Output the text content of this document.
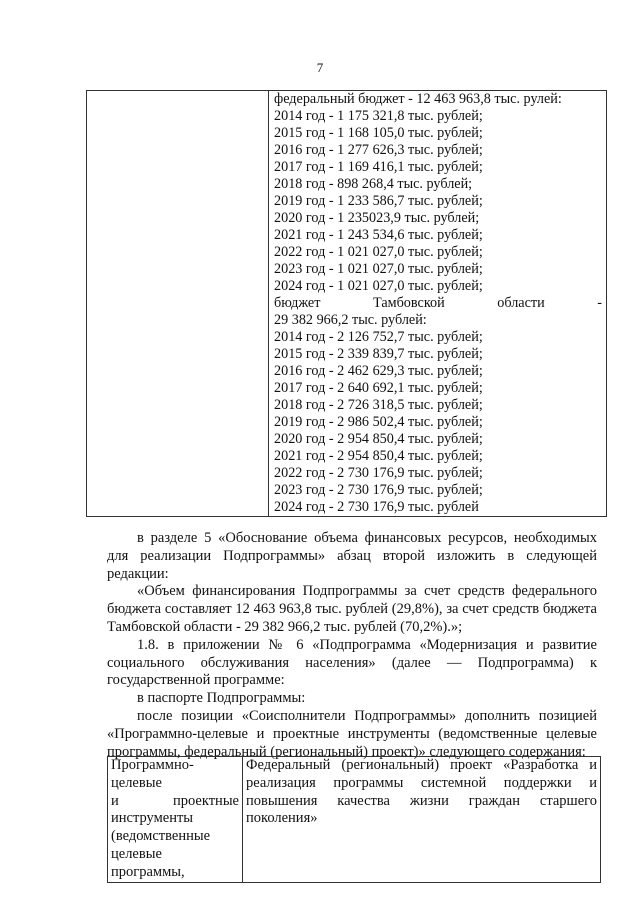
7

федеральный бюджет - 12 463 963,8 тыс. рулей:
2014 год - 1 175 321,8 тыс. рублей;
2015 год - 1 168 105,0 тыс. рублей;
2016 год - 1 277 626,3 тыс. рублей;
2017 год - 1 169 416,1 тыс. рублей;
2018 год - 898 268,4 тыс. рублей;
2019 год - 1 233 586,7 тыс. рублей;
2020 год - 1 235023,9 тыс. рублей;
2021 год - 1 243 534,6 тыс. рублей;
2022 год - 1 021 027,0 тыс. рублей;
2023 год - 1 021 027,0 тыс. рублей;
2024 год - 1 021 027,0 тыс. рублей;
бюджет	Тамбовской	области	-
29 382 966,2 тыс. рублей:
2014 год - 2 126 752,7 тыс. рублей;
2015 год - 2 339 839,7 тыс. рублей;
2016 год - 2 462 629,3 тыс. рублей;
2017 год - 2 640 692,1 тыс. рублей;
2018 год - 2 726 318,5 тыс. рублей;
2019 год - 2 986 502,4 тыс. рублей;
2020 год - 2 954 850,4 тыс. рублей;
2021 год - 2 954 850,4 тыс. рублей;
2022 год - 2 730 176,9 тыс. рублей;
2023 год - 2 730 176,9 тыс. рублей;
2024 год - 2 730 176,9 тыс. рублей

в разделе 5 «Обоснование объема финансовых ресурсов, необходимых для реализации Подпрограммы» абзац второй изложить в следующей редакции:

«Объем финансирования Подпрограммы за счет средств федерального бюджета составляет 12 463 963,8 тыс. рублей (29,8%), за счет средств бюджета Тамбовской области - 29 382 966,2 тыс. рублей (70,2%).»;

1.8. в приложении № 6 «Подпрограмма «Модернизация и развитие социального обслуживания населения» (далее — Подпрограмма) к государственной программе:

в паспорте Подпрограммы:

после позиции «Соисполнители Подпрограммы» дополнить позицией «Программно-целевые и проектные инструменты (ведомственные целевые программы, федеральный (региональный) проект)» следующего содержания:

Программно-целевые
и проектные
инструменты
(ведомственные
целевые программы,
	Федеральный (региональный) проект «Разработка и реализация программы системной поддержки и повышения качества жизни граждан старшего поколения»
